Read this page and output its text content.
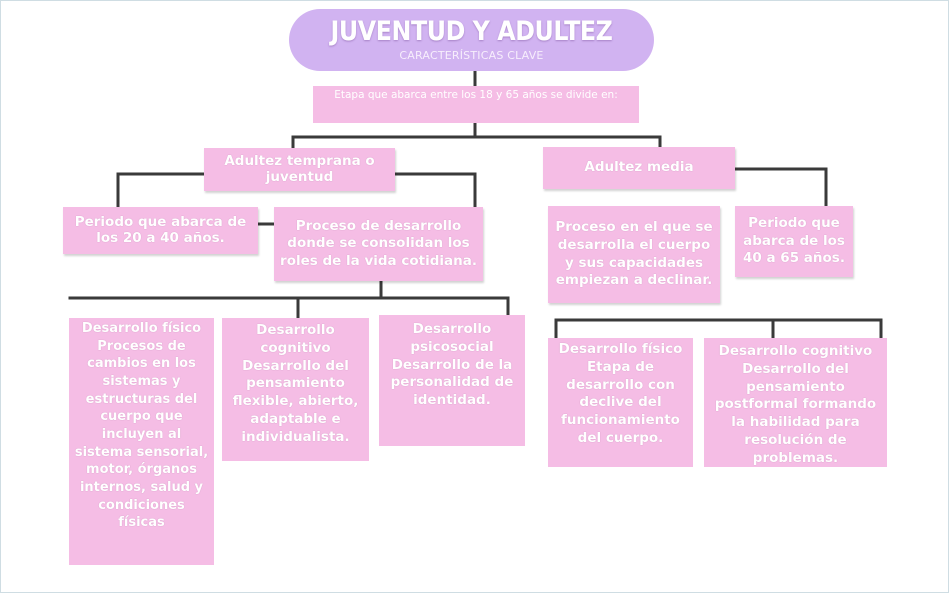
JUVENTUD Y ADULTEZ
CARACTERÍSTICAS CLAVE
Etapa que abarca entre los 18 y 65 años se divide en:
Adultez temprana o juventud
Periodo que abarca de los 20 a 40 años.
Proceso de desarrollo donde se consolidan los roles de la vida cotidiana.
Desarrollo físico Procesos de cambios en los sistemas y estructuras del cuerpo que incluyen al sistema sensorial, motor, órganos internos, salud y condiciones físicas
Desarrollo cognitivo Desarrollo del pensamiento flexible, abierto, adaptable e individualista.
Desarrollo psicosocial Desarrollo de la personalidad de identidad.
Adultez media
Proceso en el que se desarrolla el cuerpo y sus capacidades empiezan a declinar.
Periodo que abarca de los 40 a 65 años.
Desarrollo físico Etapa de desarrollo con declive del funcionamiento del cuerpo.
Desarrollo cognitivo Desarrollo del pensamiento postformal formando la habilidad para resolución de problemas.
